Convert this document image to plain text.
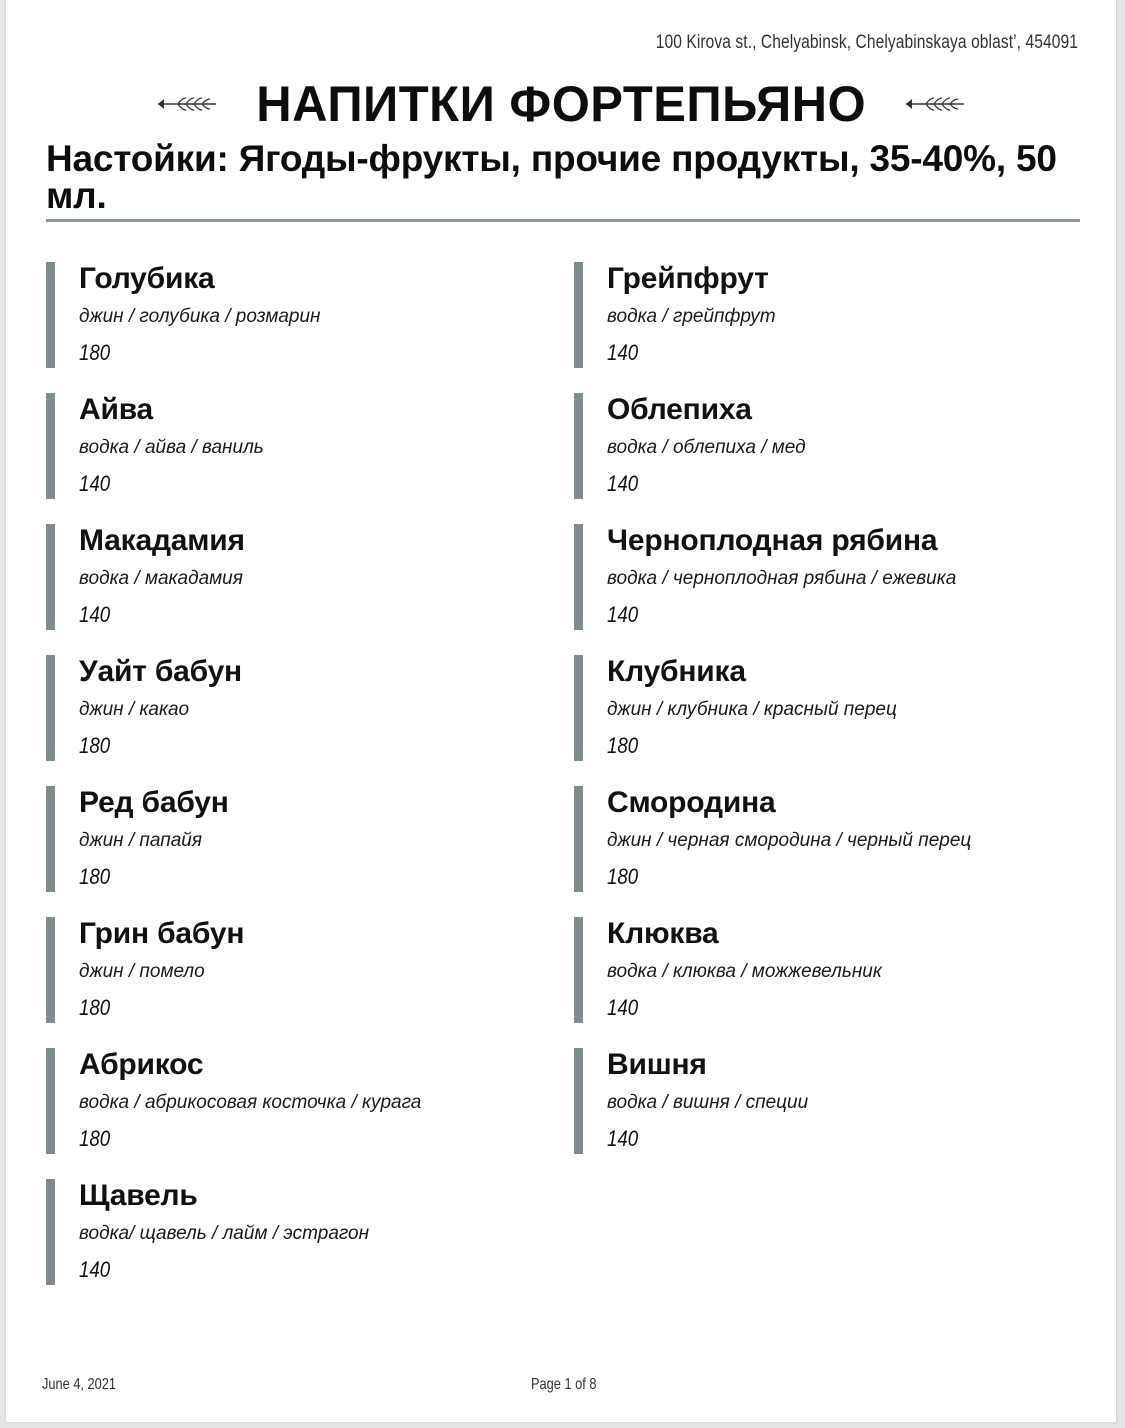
100 Kirova st., Chelyabinsk, Chelyabinskaya oblast’, 454091
НАПИТКИ ФОРТЕПЬЯНО
Настойки: Ягоды-фрукты, прочие продукты, 35-40%, 50 мл.
Голубика
джин / голубика / розмарин
180
Айва
водка / айва / ваниль
140
Макадамия
водка / макадамия
140
Уайт бабун
джин / какао
180
Ред бабун
джин / папайя
180
Грин бабун
джин / помело
180
Абрикос
водка / абрикосовая косточка / курага
180
Щавель
водка/ щавель / лайм / эстрагон
140
Грейпфрут
водка / грейпфрут
140
Облепиха
водка / облепиха / мед
140
Черноплодная рябина
водка / черноплодная рябина / ежевика
140
Клубника
джин / клубника / красный перец
180
Смородина
джин / черная смородина / черный перец
180
Клюква
водка / клюква / можжевельник
140
Вишня
водка / вишня / специи
140
June 4, 2021	Page 1 of 8
